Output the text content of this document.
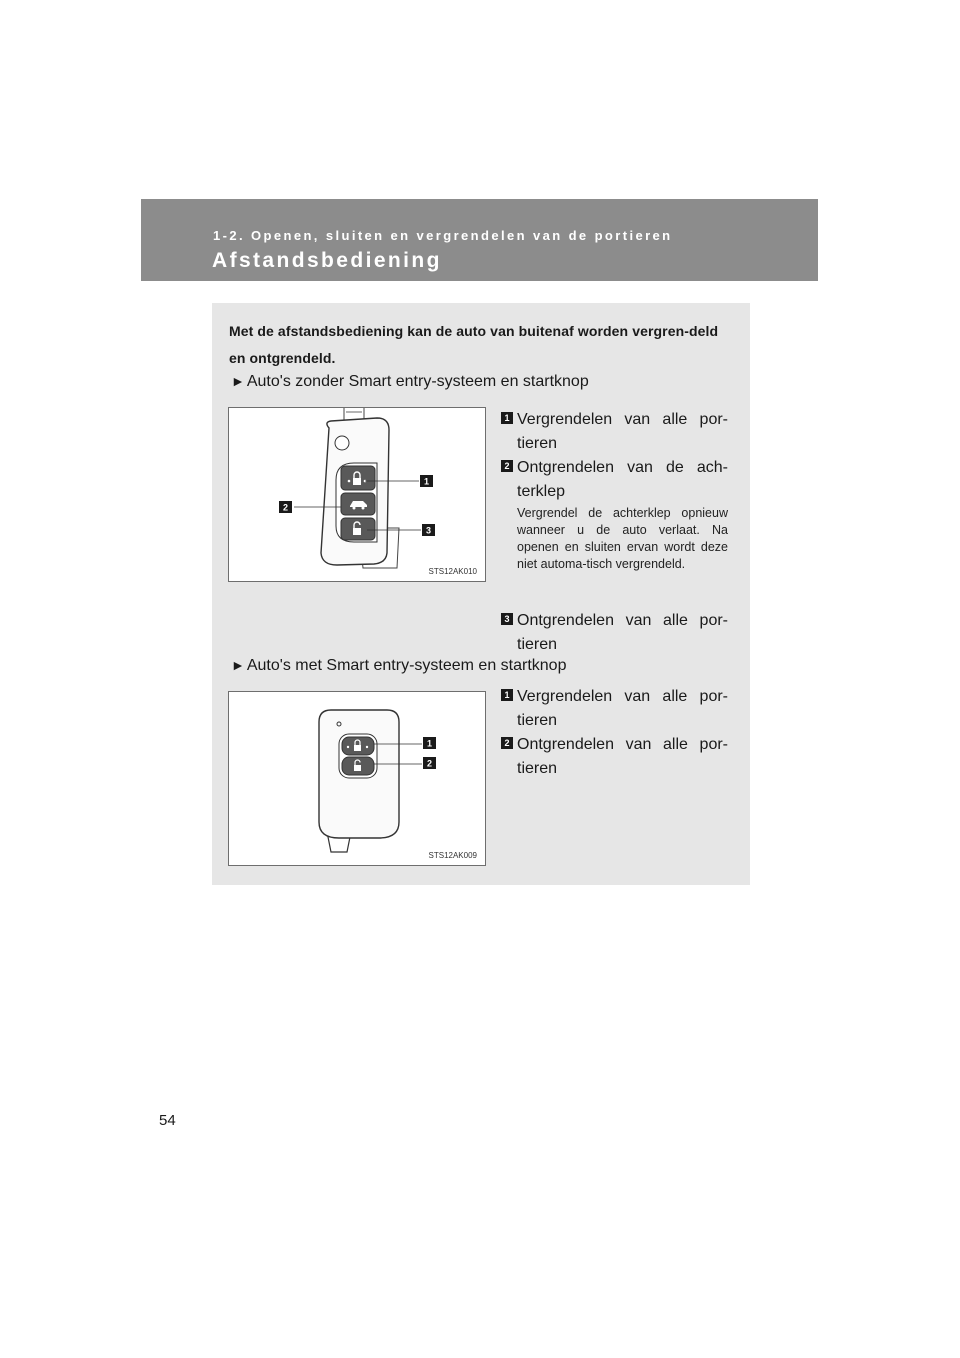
1-2. Openen, sluiten en vergrendelen van de portieren
Afstandsbediening
Met de afstandsbediening kan de auto van buitenaf worden vergren-deld en ontgrendeld.
► Auto's zonder Smart entry-systeem en startknop
1
2
3
STS12AK010
1 Vergrendelen van alle por-tieren
2 Ontgrendelen van de ach-terklep
Vergrendel de achterklep opnieuw wanneer u de auto verlaat. Na openen en sluiten ervan wordt deze niet automa-tisch vergrendeld.
3 Ontgrendelen van alle por-tieren
► Auto's met Smart entry-systeem en startknop
1
2
STS12AK009
1 Vergrendelen van alle por-tieren
2 Ontgrendelen van alle por-tieren
54
